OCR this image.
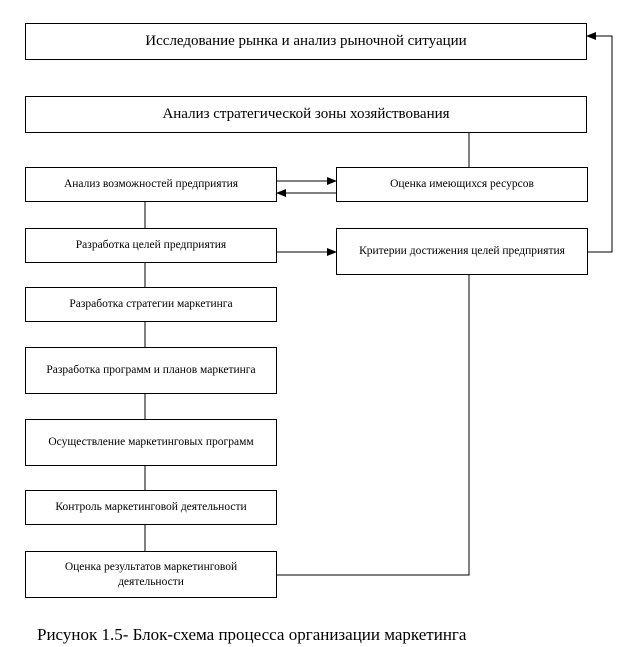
Исследование рынка и анализ рыночной ситуации
Анализ стратегической зоны хозяйствования
Анализ возможностей предприятия	Оценка имеющихся ресурсов
Разработка целей предприятия	Критерии достижения целей предприятия
Разработка стратегии маркетинга
Разработка программ и планов маркетинга
Осуществление маркетинговых программ
Контроль маркетинговой деятельности
Оценка результатов маркетинговой деятельности
Рисунок 1.5- Блок-схема процесса организации маркетинга
